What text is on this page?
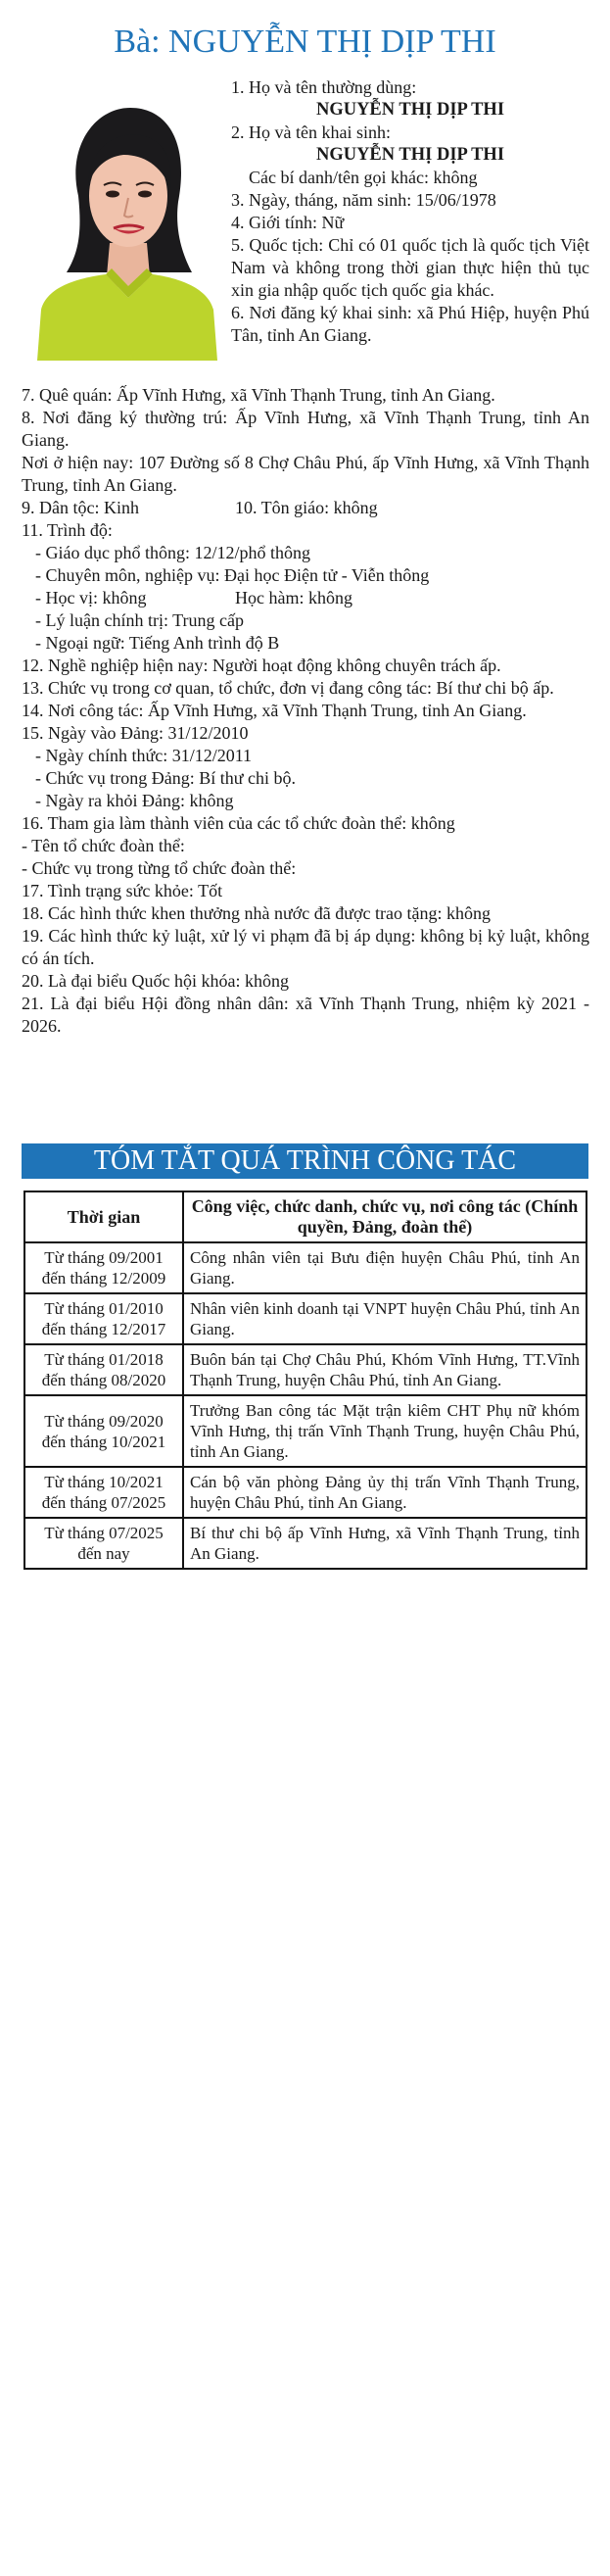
Bà: NGUYỄN THỊ DỊP THI
1. Họ và tên thường dùng:
NGUYỄN THỊ DỊP THI
2. Họ và tên khai sinh:
NGUYỄN THỊ DỊP THI
Các bí danh/tên gọi khác: không
3. Ngày, tháng, năm sinh: 15/06/1978
4. Giới tính: Nữ
5. Quốc tịch: Chỉ có 01 quốc tịch là quốc tịch Việt Nam và không trong thời gian thực hiện thủ tục xin gia nhập quốc tịch quốc gia khác.
6. Nơi đăng ký khai sinh: xã Phú Hiệp, huyện Phú Tân, tỉnh An Giang.

7. Quê quán: Ấp Vĩnh Hưng, xã Vĩnh Thạnh Trung, tỉnh An Giang.

8. Nơi đăng ký thường trú: Ấp Vĩnh Hưng, xã Vĩnh Thạnh Trung, tỉnh An Giang.

Nơi ở hiện nay: 107 Đường số 8 Chợ Châu Phú, ấp Vĩnh Hưng, xã Vĩnh Thạnh Trung, tỉnh An Giang.

9. Dân tộc: Kinh	10. Tôn giáo: không

11. Trình độ:

- Giáo dục phổ thông: 12/12/phổ thông

- Chuyên môn, nghiệp vụ: Đại học Điện tử - Viễn thông

- Học vị: không	Học hàm: không

- Lý luận chính trị: Trung cấp

- Ngoại ngữ: Tiếng Anh trình độ B

12. Nghề nghiệp hiện nay: Người hoạt động không chuyên trách ấp.

13. Chức vụ trong cơ quan, tổ chức, đơn vị đang công tác: Bí thư chi bộ ấp.

14. Nơi công tác: Ấp Vĩnh Hưng, xã Vĩnh Thạnh Trung, tỉnh An Giang.

15. Ngày vào Đảng: 31/12/2010

- Ngày chính thức: 31/12/2011

- Chức vụ trong Đảng: Bí thư chi bộ.

- Ngày ra khỏi Đảng: không

16. Tham gia làm thành viên của các tổ chức đoàn thể: không

- Tên tổ chức đoàn thể:

- Chức vụ trong từng tổ chức đoàn thể:

17. Tình trạng sức khỏe: Tốt

18. Các hình thức khen thưởng nhà nước đã được trao tặng: không

19. Các hình thức kỷ luật, xử lý vi phạm đã bị áp dụng: không bị kỷ luật, không có án tích.

20. Là đại biểu Quốc hội khóa: không

21. Là đại biểu Hội đồng nhân dân: xã Vĩnh Thạnh Trung, nhiệm kỳ 2021 - 2026.

TÓM TẮT QUÁ TRÌNH CÔNG TÁC
Thời gian	Công việc, chức danh, chức vụ, nơi công tác (Chính quyền, Đảng, đoàn thể)
Từ tháng 09/2001 đến tháng 12/2009	Công nhân viên tại Bưu điện huyện Châu Phú, tỉnh An Giang.
Từ tháng 01/2010 đến tháng 12/2017	Nhân viên kinh doanh tại VNPT huyện Châu Phú, tỉnh An Giang.
Từ tháng 01/2018 đến tháng 08/2020	Buôn bán tại Chợ Châu Phú, Khóm Vĩnh Hưng, TT.Vĩnh Thạnh Trung, huyện Châu Phú, tỉnh An Giang.
Từ tháng 09/2020 đến tháng 10/2021	Trưởng Ban công tác Mặt trận kiêm CHT Phụ nữ khóm Vĩnh Hưng, thị trấn Vĩnh Thạnh Trung, huyện Châu Phú, tỉnh An Giang.
Từ tháng 10/2021 đến tháng 07/2025	Cán bộ văn phòng Đảng ủy thị trấn Vĩnh Thạnh Trung, huyện Châu Phú, tỉnh An Giang.
Từ tháng 07/2025 đến nay	Bí thư chi bộ ấp Vĩnh Hưng, xã Vĩnh Thạnh Trung, tỉnh An Giang.
